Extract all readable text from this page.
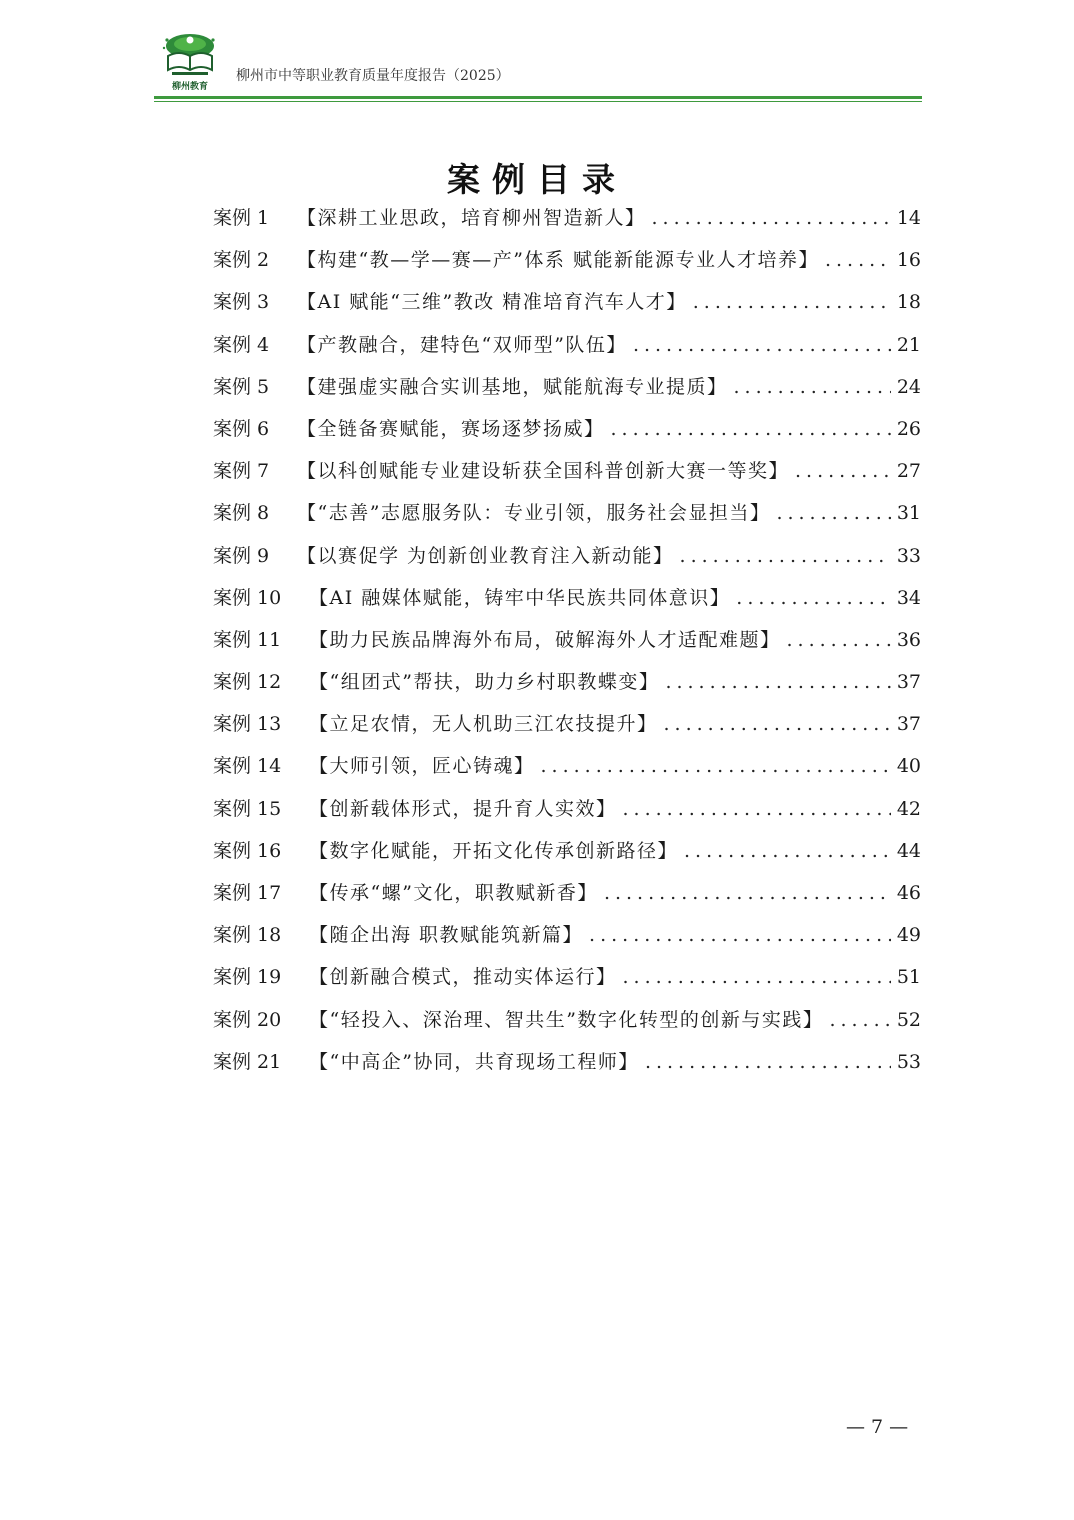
柳州教育
柳州市中等职业教育质量年度报告（2025）
案例目录
案例 1	【深耕工业思政，培育柳州智造新人】 .....	14
案例 2	【构建“教—学—赛—产”体系 赋能新能源专业人才培养】 .....	16
案例 3	【AI 赋能“三维”教改 精准培育汽车人才】 .....	18
案例 4	【产教融合，建特色“双师型”队伍】 .....	21
案例 5	【建强虚实融合实训基地，赋能航海专业提质】 .....	24
案例 6	【全链备赛赋能，赛场逐梦扬威】 .....	26
案例 7	【以科创赋能专业建设斩获全国科普创新大赛一等奖】 .....	27
案例 8	【“志善”志愿服务队：专业引领，服务社会显担当】 .....	31
案例 9	【以赛促学 为创新创业教育注入新动能】 .....	33
案例 10	【AI 融媒体赋能，铸牢中华民族共同体意识】 .....	34
案例 11	【助力民族品牌海外布局，破解海外人才适配难题】 .....	36
案例 12	【“组团式”帮扶，助力乡村职教蝶变】 .....	37
案例 13	【立足农情，无人机助三江农技提升】 .....	37
案例 14	【大师引领，匠心铸魂】 .....	40
案例 15	【创新载体形式，提升育人实效】 .....	42
案例 16	【数字化赋能，开拓文化传承创新路径】 .....	44
案例 17	【传承“螺”文化，职教赋新香】 .....	46
案例 18	【随企出海 职教赋能筑新篇】 .....	49
案例 19	【创新融合模式，推动实体运行】 .....	51
案例 20	【“轻投入、深治理、智共生”数字化转型的创新与实践】 .....	52
案例 21	【“中高企”协同，共育现场工程师】 .....	53
— 7 —
